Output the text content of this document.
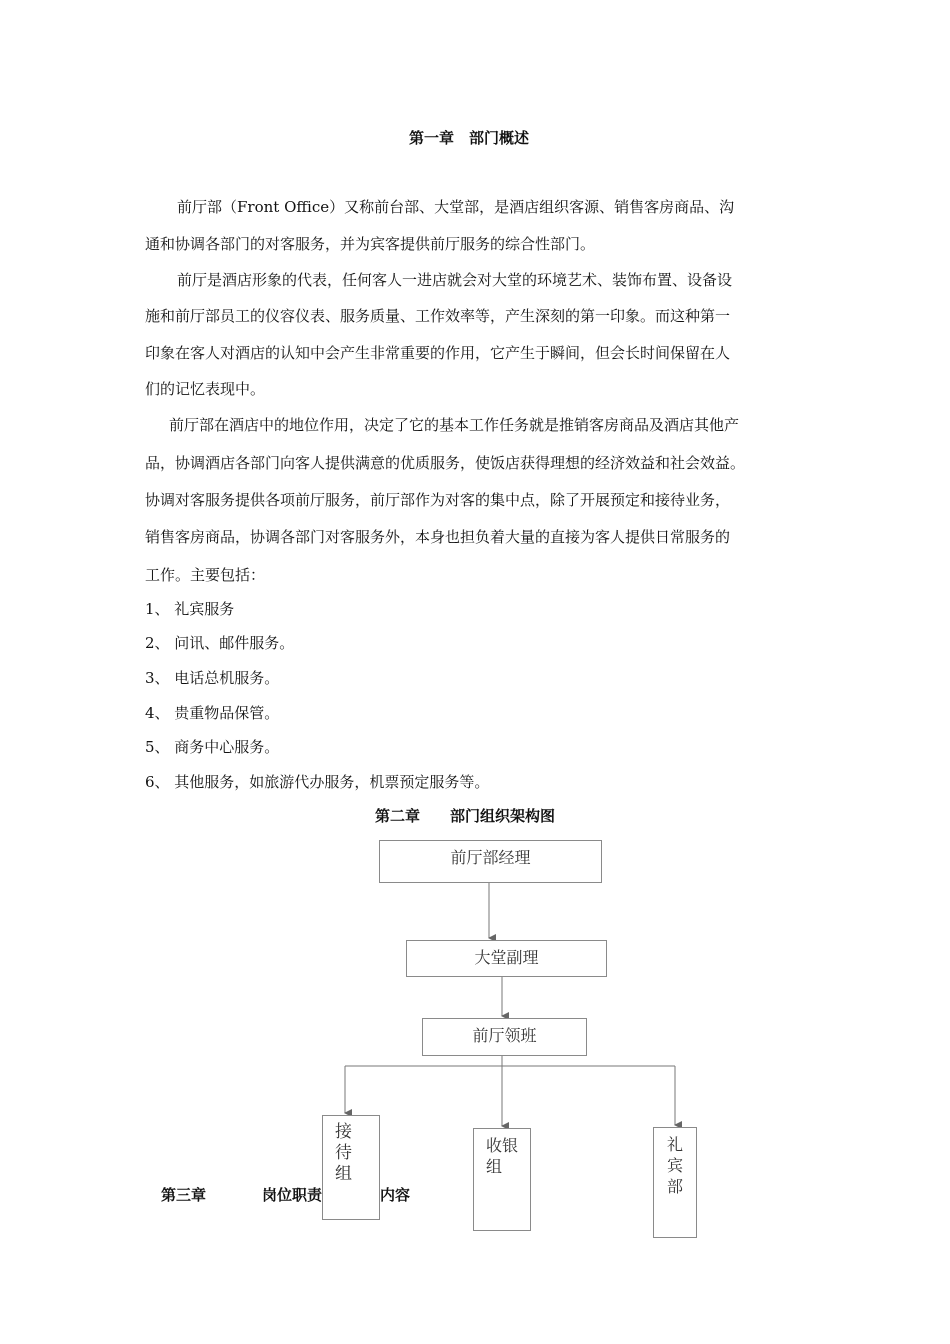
第一章　部门概述
前厅部（Front Office）又称前台部、大堂部，是酒店组织客源、销售客房商品、沟
通和协调各部门的对客服务，并为宾客提供前厅服务的综合性部门。
前厅是酒店形象的代表，任何客人一进店就会对大堂的环境艺术、装饰布置、设备设
施和前厅部员工的仪容仪表、服务质量、工作效率等，产生深刻的第一印象。而这种第一
印象在客人对酒店的认知中会产生非常重要的作用，它产生于瞬间，但会长时间保留在人
们的记忆表现中。
前厅部在酒店中的地位作用，决定了它的基本工作任务就是推销客房商品及酒店其他产
品，协调酒店各部门向客人提供满意的优质服务，使饭店获得理想的经济效益和社会效益。
协调对客服务提供各项前厅服务，前厅部作为对客的集中点，除了开展预定和接待业务，
销售客房商品，协调各部门对客服务外，本身也担负着大量的直接为客人提供日常服务的
工作。主要包括：
1、 礼宾服务
2、 问讯、邮件服务。
3、 电话总机服务。
4、 贵重物品保管。
5、 商务中心服务。
6、 其他服务，如旅游代办服务，机票预定服务等。
第二章　　部门组织架构图
第三章	岗位职责	内容
前厅部经理
大堂副理
前厅领班
接待组
收银组
礼宾部
